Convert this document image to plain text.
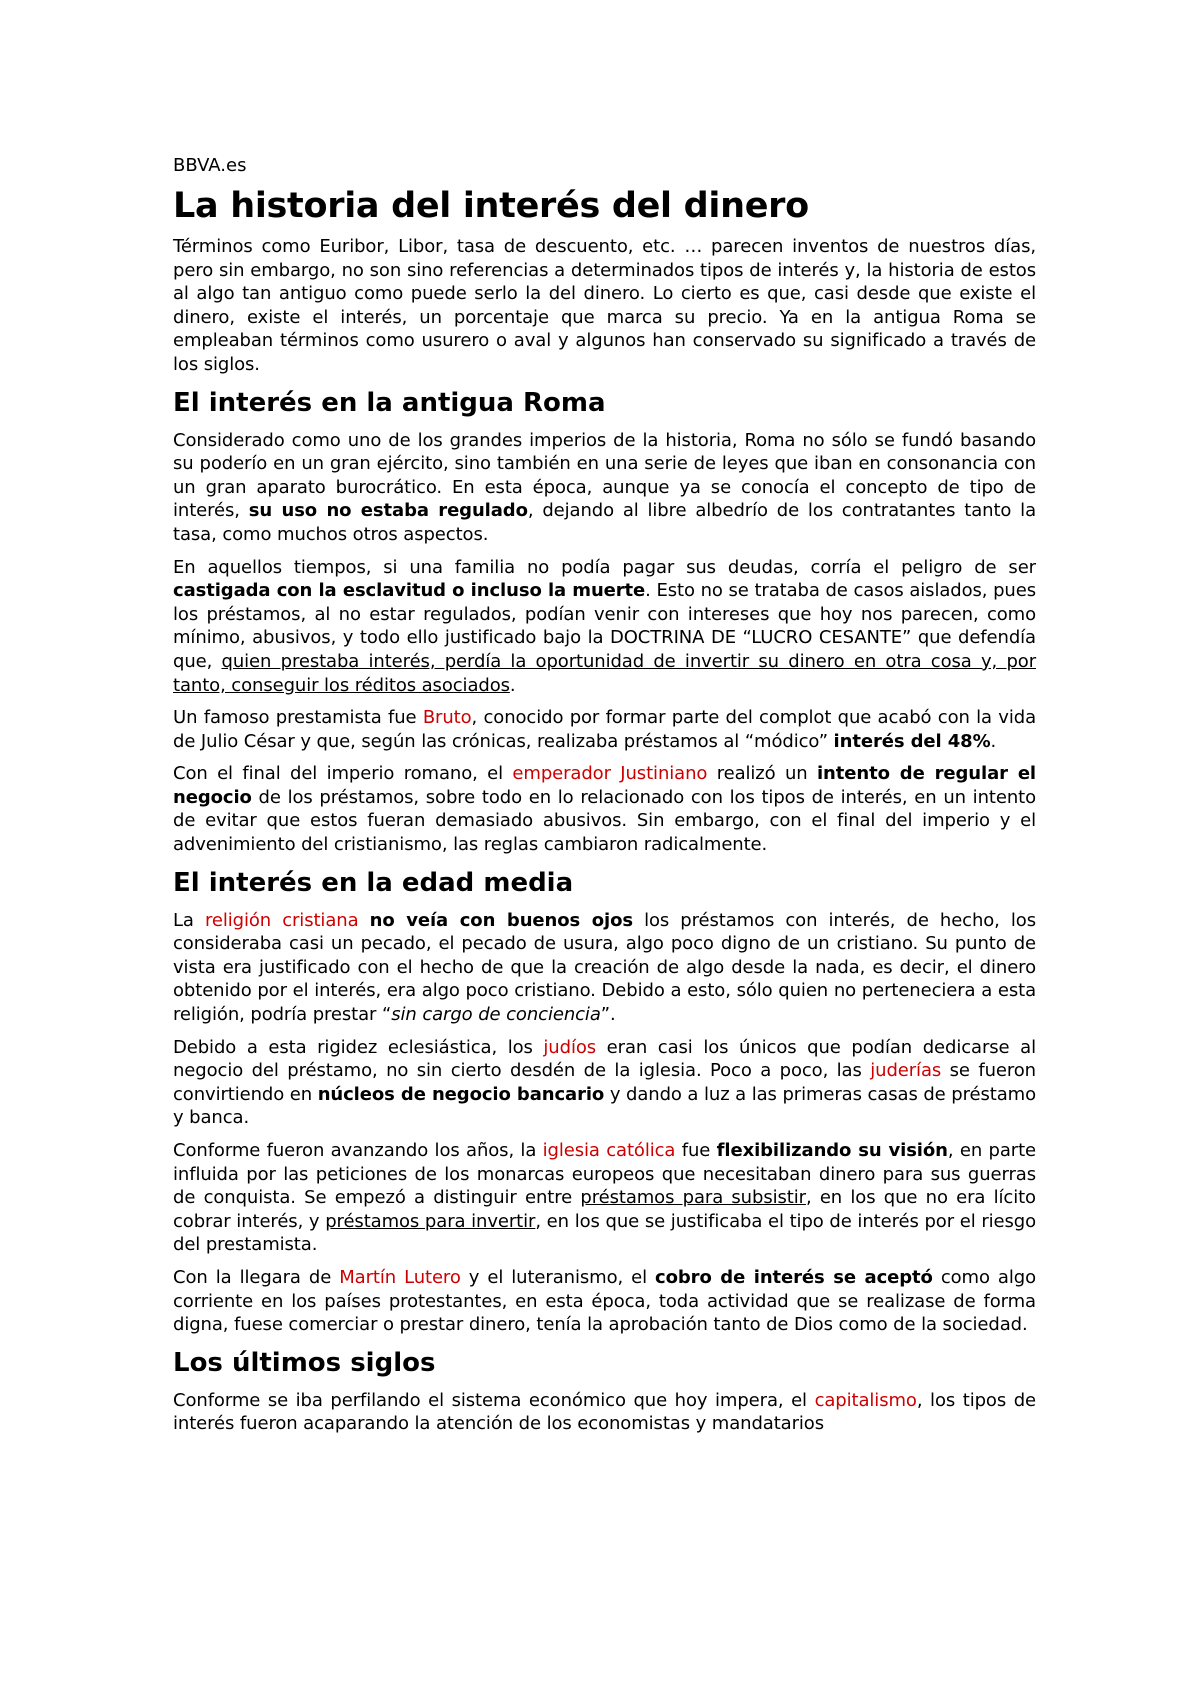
BBVA.es
La historia del interés del dinero

Términos como Euribor, Libor, tasa de descuento, etc. … parecen inventos de nuestros días, pero sin embargo, no son sino referencias a determinados tipos de interés y, la historia de estos al algo tan antiguo como puede serlo la del dinero. Lo cierto es que, casi desde que existe el dinero, existe el interés, un porcentaje que marca su precio. Ya en la antigua Roma se empleaban términos como usurero o aval y algunos han conservado su significado a través de los siglos.

El interés en la antigua Roma

Considerado como uno de los grandes imperios de la historia, Roma no sólo se fundó basando su poderío en un gran ejército, sino también en una serie de leyes que iban en consonancia con un gran aparato burocrático. En esta época, aunque ya se conocía el concepto de tipo de interés, su uso no estaba regulado, dejando al libre albedrío de los contratantes tanto la tasa, como muchos otros aspectos.

En aquellos tiempos, si una familia no podía pagar sus deudas, corría el peligro de ser castigada con la esclavitud o incluso la muerte. Esto no se trataba de casos aislados, pues los préstamos, al no estar regulados, podían venir con intereses que hoy nos parecen, como mínimo, abusivos, y todo ello justificado bajo la DOCTRINA DE “LUCRO CESANTE” que defendía que, quien prestaba interés, perdía la oportunidad de invertir su dinero en otra cosa y, por tanto, conseguir los réditos asociados.

Un famoso prestamista fue Bruto, conocido por formar parte del complot que acabó con la vida de Julio César y que, según las crónicas, realizaba préstamos al “módico” interés del 48%.

Con el final del imperio romano, el emperador Justiniano realizó un intento de regular el negocio de los préstamos, sobre todo en lo relacionado con los tipos de interés, en un intento de evitar que estos fueran demasiado abusivos. Sin embargo, con el final del imperio y el advenimiento del cristianismo, las reglas cambiaron radicalmente.

El interés en la edad media

La religión cristiana no veía con buenos ojos los préstamos con interés, de hecho, los consideraba casi un pecado, el pecado de usura, algo poco digno de un cristiano. Su punto de vista era justificado con el hecho de que la creación de algo desde la nada, es decir, el dinero obtenido por el interés, era algo poco cristiano. Debido a esto, sólo quien no perteneciera a esta religión, podría prestar “sin cargo de conciencia”.

Debido a esta rigidez eclesiástica, los judíos eran casi los únicos que podían dedicarse al negocio del préstamo, no sin cierto desdén de la iglesia. Poco a poco, las juderías se fueron convirtiendo en núcleos de negocio bancario y dando a luz a las primeras casas de préstamo y banca.

Conforme fueron avanzando los años, la iglesia católica fue flexibilizando su visión, en parte influida por las peticiones de los monarcas europeos que necesitaban dinero para sus guerras de conquista. Se empezó a distinguir entre préstamos para subsistir, en los que no era lícito cobrar interés, y préstamos para invertir, en los que se justificaba el tipo de interés por el riesgo del prestamista.

Con la llegara de Martín Lutero y el luteranismo, el cobro de interés se aceptó como algo corriente en los países protestantes, en esta época, toda actividad que se realizase de forma digna, fuese comerciar o prestar dinero, tenía la aprobación tanto de Dios como de la sociedad.

Los últimos siglos

Conforme se iba perfilando el sistema económico que hoy impera, el capitalismo, los tipos de interés fueron acaparando la atención de los economistas y mandatarios
